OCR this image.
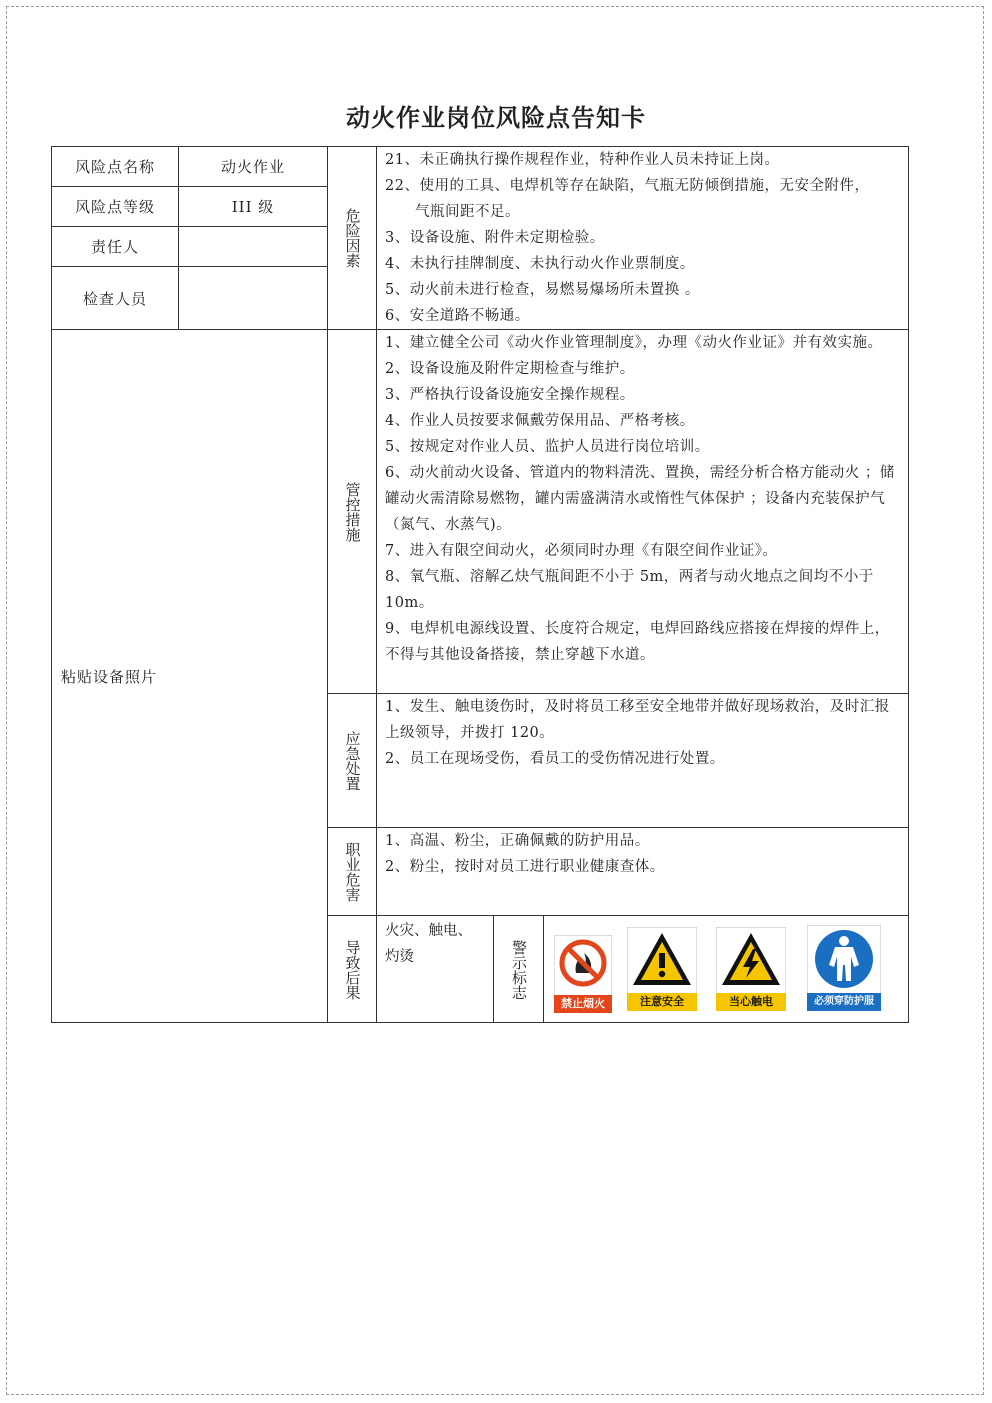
动火作业岗位风险点告知卡
风险点名称	动火作业
风险点等级	III 级
责任人
检查人员
粘贴设备照片
危险因素
21、未正确执行操作规程作业，特种作业人员未持证上岗。
22、使用的工具、电焊机等存在缺陷，气瓶无防倾倒措施，无安全附件，
气瓶间距不足。
3、设备设施、附件未定期检验。
4、未执行挂牌制度、未执行动火作业票制度。
5、动火前未进行检查，易燃易爆场所未置换 。
6、安全道路不畅通。
管控措施
1、建立健全公司《动火作业管理制度》，办理《动火作业证》并有效实施。
2、设备设施及附件定期检查与维护。
3、严格执行设备设施安全操作规程。
4、作业人员按要求佩戴劳保用品、严格考核。
5、按规定对作业人员、监护人员进行岗位培训。
6、动火前动火设备、管道内的物料清洗、置换，需经分析合格方能动火 ；储罐动火需清除易燃物，罐内需盛满清水或惰性气体保护 ；设备内充装保护气（氮气、水蒸气)。
7、进入有限空间动火，必须同时办理《有限空间作业证》。
8、氧气瓶、溶解乙炔气瓶间距不小于 5m，两者与动火地点之间均不小于 10m。
9、电焊机电源线设置、长度符合规定，电焊回路线应搭接在焊接的焊件上，不得与其他设备搭接，禁止穿越下水道。
应急处置
1、发生、触电烫伤时，及时将员工移至安全地带并做好现场救治，及时汇报上级领导，并拨打 120。
2、员工在现场受伤，看员工的受伤情况进行处置。
职业危害
1、高温、粉尘，正确佩戴的防护用品。
2、粉尘，按时对员工进行职业健康查体。
导致后果
火灾、触电、灼烫	警示标志
禁止烟火	注意安全	当心触电	必须穿防护服
